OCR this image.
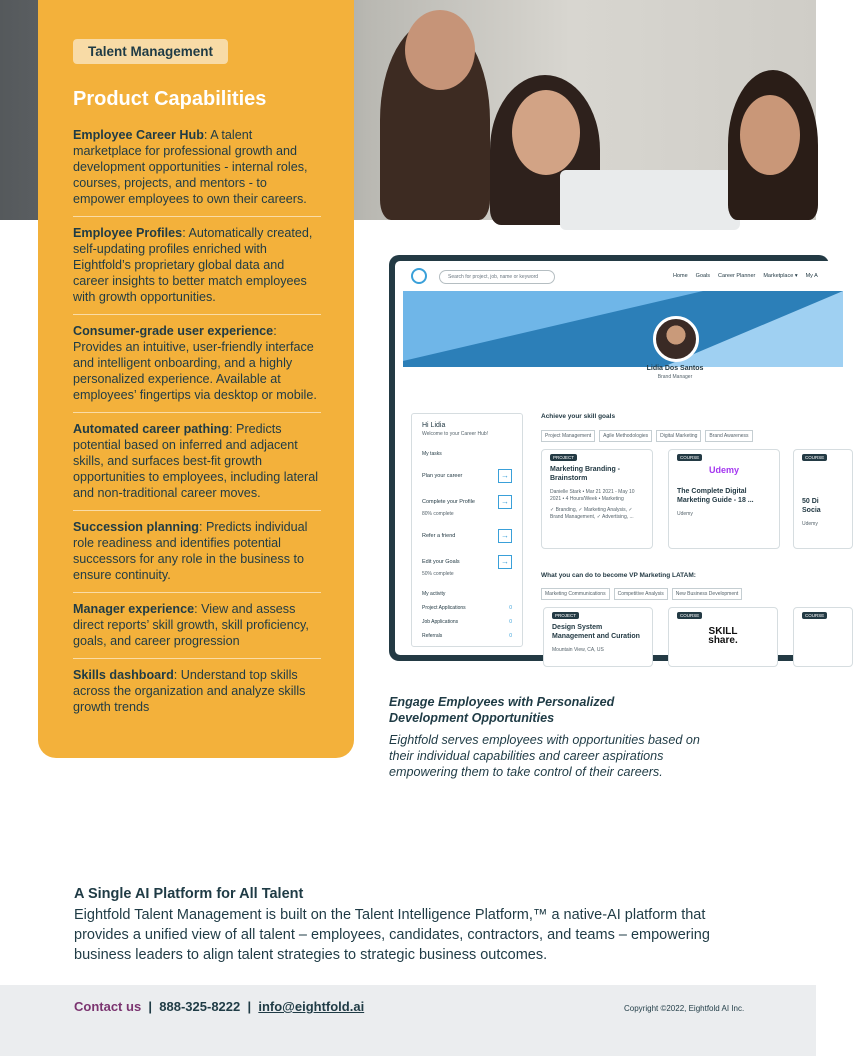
Talent Management
Product Capabilities
Employee Career Hub: A talent marketplace for professional growth and development opportunities - internal roles, courses, projects, and mentors - to empower employees to own their careers.
Employee Profiles: Automatically created, self-updating profiles enriched with Eightfold’s proprietary global data and career insights to better match employees with growth opportunities.
Consumer-grade user experience: Provides an intuitive, user-friendly interface and intelligent onboarding, and a highly personalized experience. Available at employees’ fingertips via desktop or mobile.
Automated career pathing: Predicts potential based on inferred and adjacent skills, and surfaces best-fit growth opportunities to employees, including lateral and non-traditional career moves.
Succession planning: Predicts individual role readiness and identifies potential successors for any role in the business to ensure continuity.
Manager experience: View and assess direct reports’ skill growth, skill proficiency, goals, and career progression
Skills dashboard: Understand top skills across the organization and analyze skills growth trends
Search for project, job, name or keyword	Home Goals Career Planner Marketplace ▾ My A
Lidia Dos Santos
Brand Manager
Hi Lidia
Welcome to your Career Hub!
My tasks
Plan your career	→
Complete your Profile	→
80% complete
Refer a friend	→
Edit your Goals	→
50% complete
My activity
Project Applications	0
Job Applications	0
Referrals	0
Achieve your skill goals
Project Management	Agile Methodologies	Digital Marketing	Brand Awareness
PROJECT
Marketing Branding - Brainstorm
Danielle Stark • Mar 21 2021 - May 10 2021 • 4 Hours/Week • Marketing
✓ Branding, ✓ Marketing Analysis, ✓ Brand Management, ✓ Advertising, ...
COURSE
Udemy
The Complete Digital Marketing Guide - 18 ...
Udemy
COURSE
50 Di Socia
Udemy
What you can do to become VP Marketing LATAM:
Marketing Communications	Competitive Analysis	New Business Development
PROJECT
Design System Management and Curation
Mountain View, CA, US
COURSE
SKILL
share.
COURSE
Engage Employees with Personalized Development Opportunities
Eightfold serves employees with opportunities based on their individual capabilities and career aspirations empowering them to take control of their careers.
A Single AI Platform for All Talent
Eightfold Talent Management is built on the Talent Intelligence Platform,™ a native-AI platform that provides a unified view of all talent – employees, candidates, contractors, and teams – empowering business leaders to align talent strategies to strategic business outcomes.
Contact us | 888-325-8222 | info@eightfold.ai	Copyright ©2022, Eightfold AI Inc.
